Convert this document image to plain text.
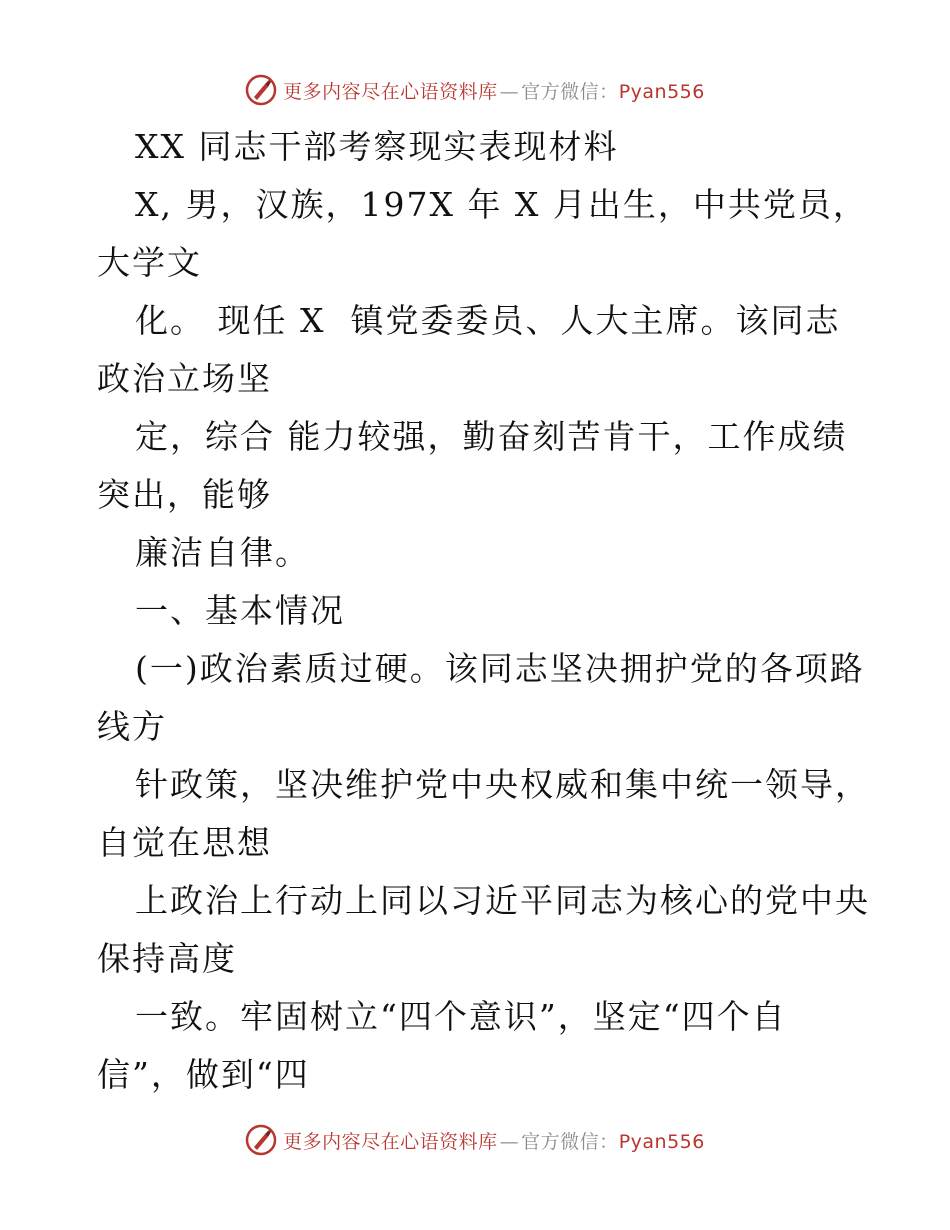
更多内容尽在心语资料库 — 官方微信：Pyan556
XX 同志干部考察现实表现材料
X, 男，汉族，197X 年 X 月出生，中共党员，
大学文
化。 现任 X  镇党委委员、人大主席。该同志
政治立场坚
定，综合 能力较强，勤奋刻苦肯干，工作成绩
突出，能够
廉洁自律。
一、基本情况
(一)政治素质过硬。该同志坚决拥护党的各项路
线方
针政策，坚决维护党中央权威和集中统一领导，
自觉在思想
上政治上行动上同以习近平同志为核心的党中央
保持高度
一致。牢固树立“四个意识”，坚定“四个自
信”，做到“四
更多内容尽在心语资料库 — 官方微信：Pyan556
